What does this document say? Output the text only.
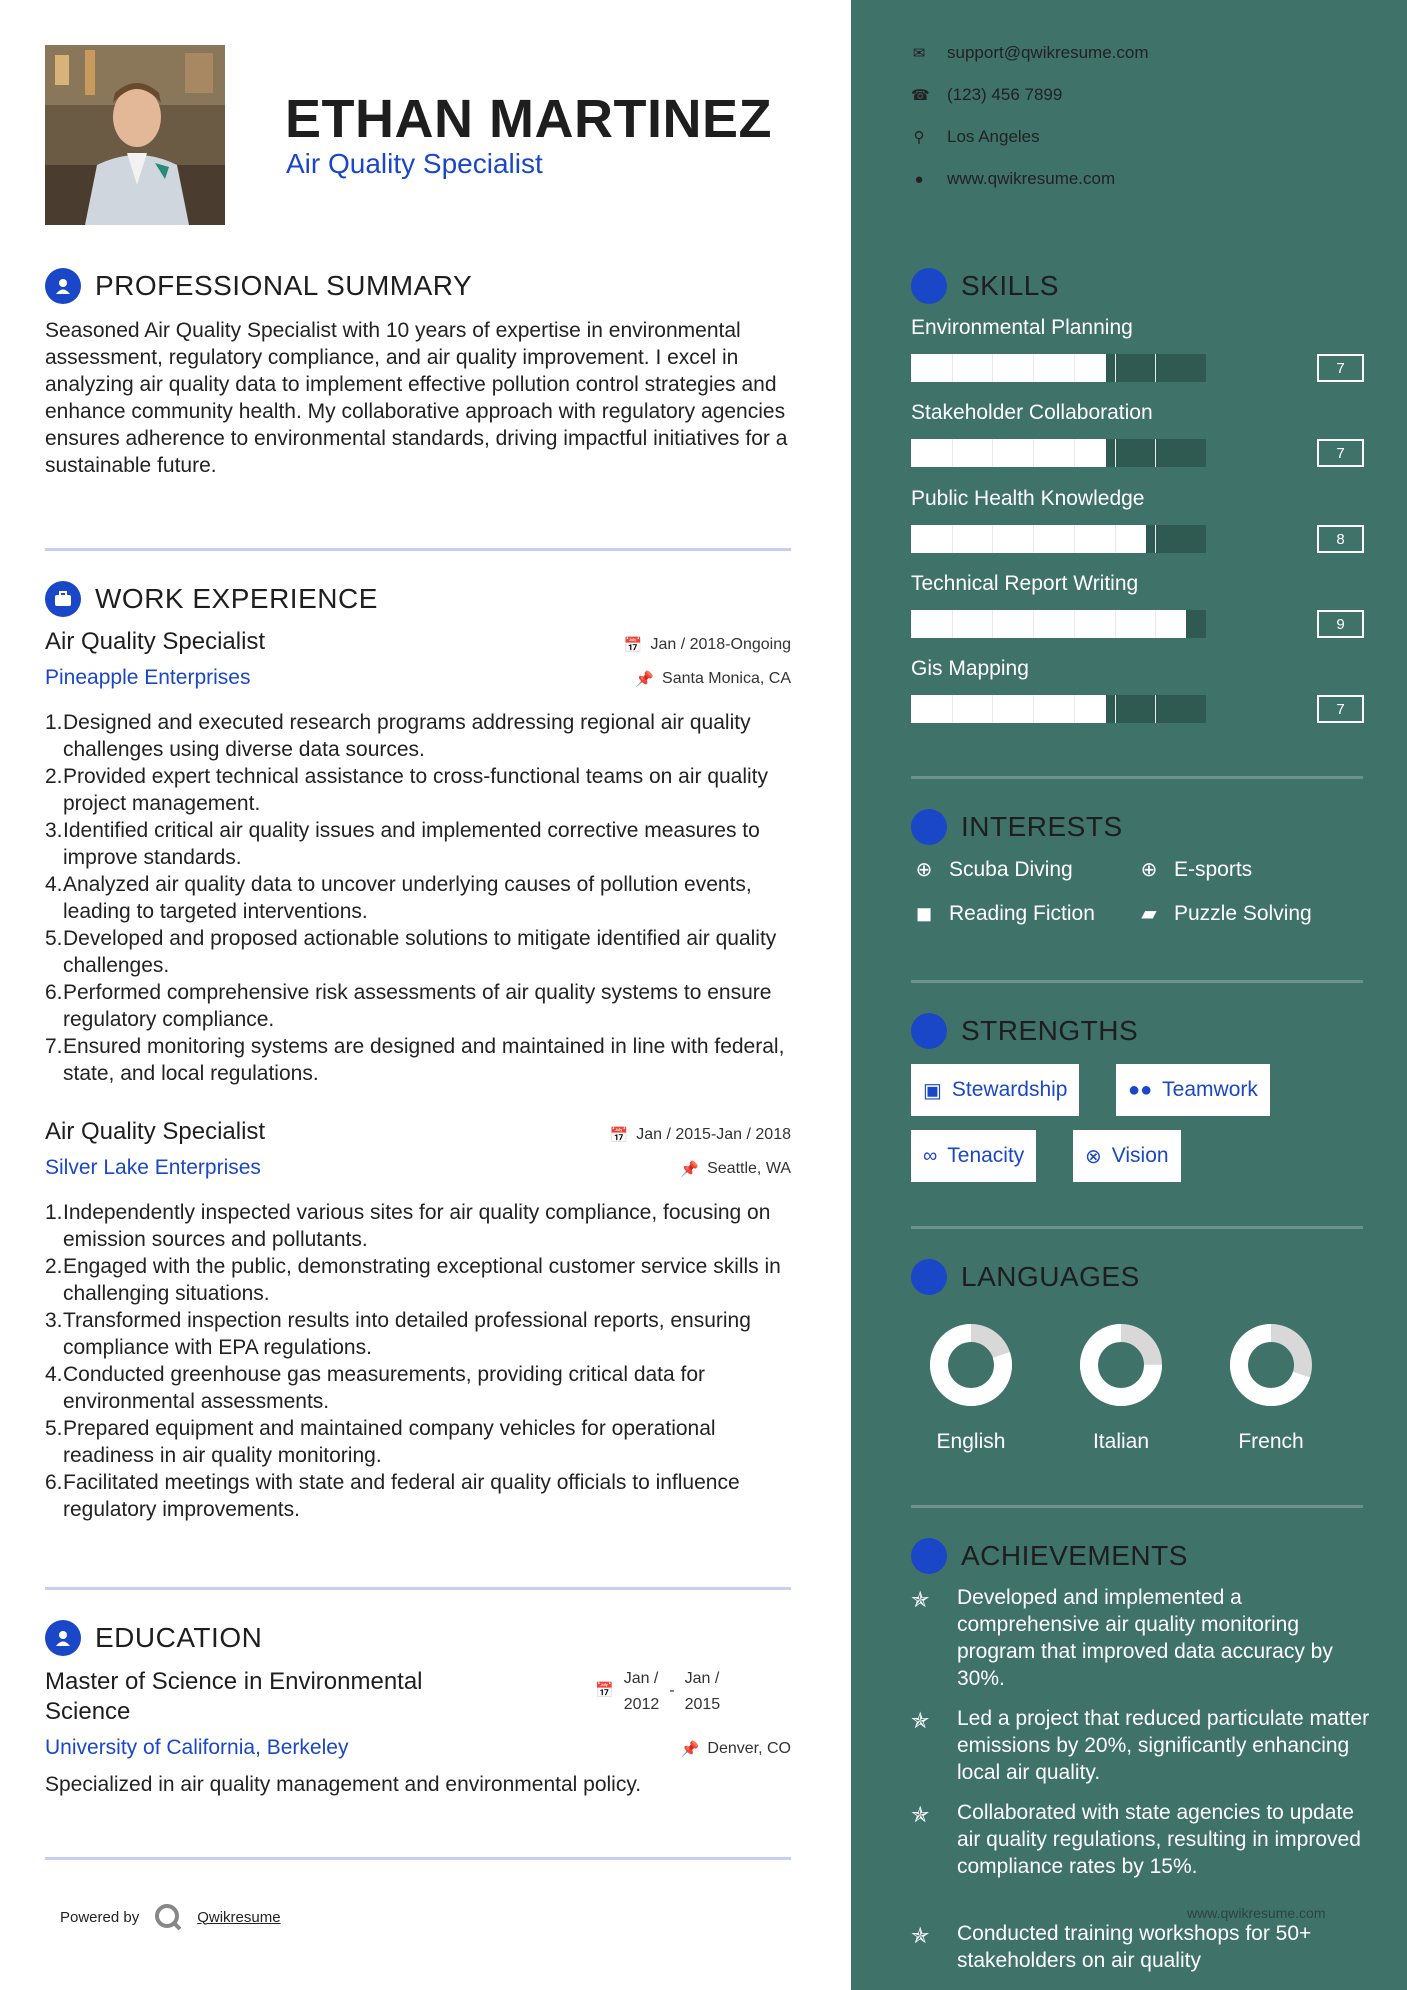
ETHAN MARTINEZ
Air Quality Specialist
PROFESSIONAL SUMMARY
Seasoned Air Quality Specialist with 10 years of expertise in environmental assessment, regulatory compliance, and air quality improvement. I excel in analyzing air quality data to implement effective pollution control strategies and enhance community health. My collaborative approach with regulatory agencies ensures adherence to environmental standards, driving impactful initiatives for a sustainable future.
WORK EXPERIENCE
Air Quality Specialist
Pineapple Enterprises
📅 Jan / 2018-Ongoing
📌 Santa Monica, CA
1. Designed and executed research programs addressing regional air quality challenges using diverse data sources.
2. Provided expert technical assistance to cross-functional teams on air quality project management.
3. Identified critical air quality issues and implemented corrective measures to improve standards.
4. Analyzed air quality data to uncover underlying causes of pollution events, leading to targeted interventions.
5. Developed and proposed actionable solutions to mitigate identified air quality challenges.
6. Performed comprehensive risk assessments of air quality systems to ensure regulatory compliance.
7. Ensured monitoring systems are designed and maintained in line with federal, state, and local regulations.
Air Quality Specialist
Silver Lake Enterprises
📅 Jan / 2015-Jan / 2018
📌 Seattle, WA
1. Independently inspected various sites for air quality compliance, focusing on emission sources and pollutants.
2. Engaged with the public, demonstrating exceptional customer service skills in challenging situations.
3. Transformed inspection results into detailed professional reports, ensuring compliance with EPA regulations.
4. Conducted greenhouse gas measurements, providing critical data for environmental assessments.
5. Prepared equipment and maintained company vehicles for operational readiness in air quality monitoring.
6. Facilitated meetings with state and federal air quality officials to influence regulatory improvements.
EDUCATION
Master of Science in Environmental Science
University of California, Berkeley
📅
Jan /
2012
-
Jan /
2015
📌 Denver, CO
Specialized in air quality management and environmental policy.
Powered by	Qwikresume
✉ support@qwikresume.com
☎ (123) 456 7899
⚲ Los Angeles
● www.qwikresume.com
SKILLS
Environmental Planning
7
Stakeholder Collaboration
7
Public Health Knowledge
8
Technical Report Writing
9
Gis Mapping
7
INTERESTS
⊕ Scuba Diving	⊕ E-sports
◼ Reading Fiction ▰ Puzzle Solving
STRENGTHS
▣ Stewardship	●● Teamwork
∞ Tenacity	⊗ Vision
LANGUAGES
English	Italian	French
ACHIEVEMENTS
✯	Developed and implemented a comprehensive air quality monitoring program that improved data accuracy by 30%.
✯	Led a project that reduced particulate matter emissions by 20%, significantly enhancing local air quality.
✯	Collaborated with state agencies to update air quality regulations, resulting in improved compliance rates by 15%.
✯	Conducted training workshops for 50+ stakeholders on air quality
www.qwikresume.com
